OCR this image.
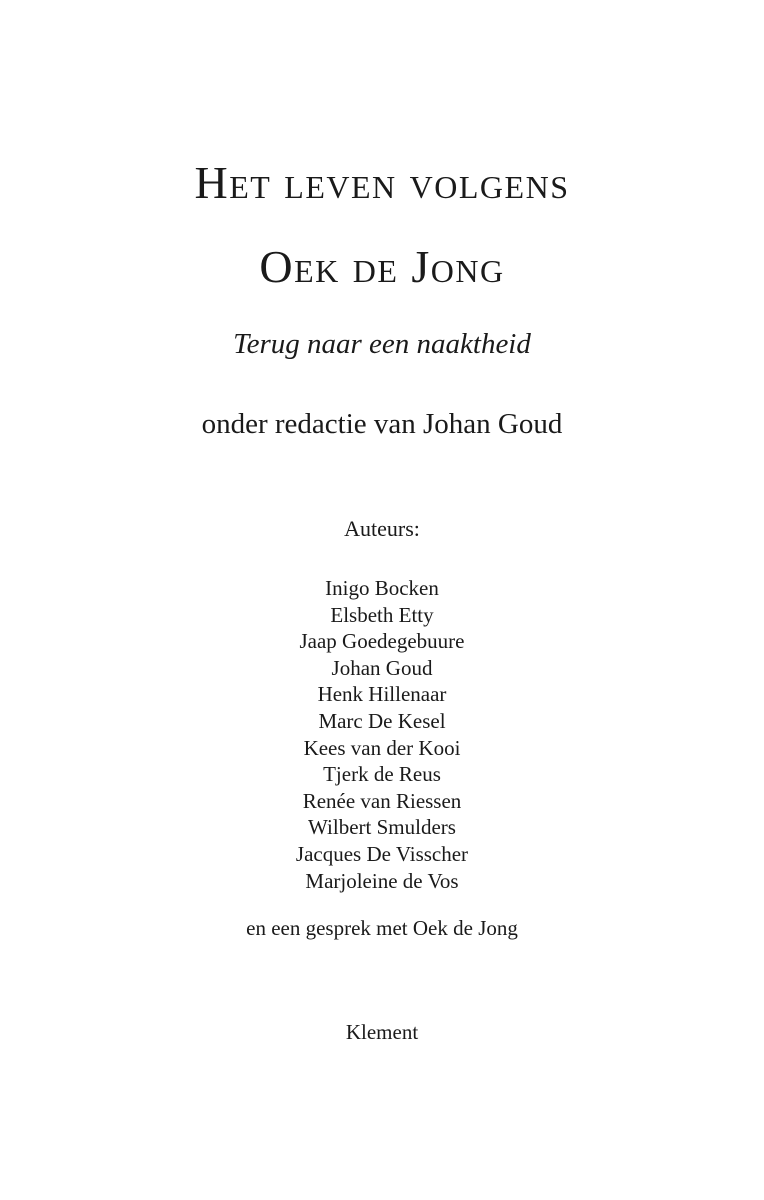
Het leven volgens
Oek de Jong
Terug naar een naaktheid
onder redactie van Johan Goud
Auteurs:
Inigo Bocken
Elsbeth Etty
Jaap Goedegebuure
Johan Goud
Henk Hillenaar
Marc De Kesel
Kees van der Kooi
Tjerk de Reus
Renée van Riessen
Wilbert Smulders
Jacques De Visscher
Marjoleine de Vos
en een gesprek met Oek de Jong
Klement
